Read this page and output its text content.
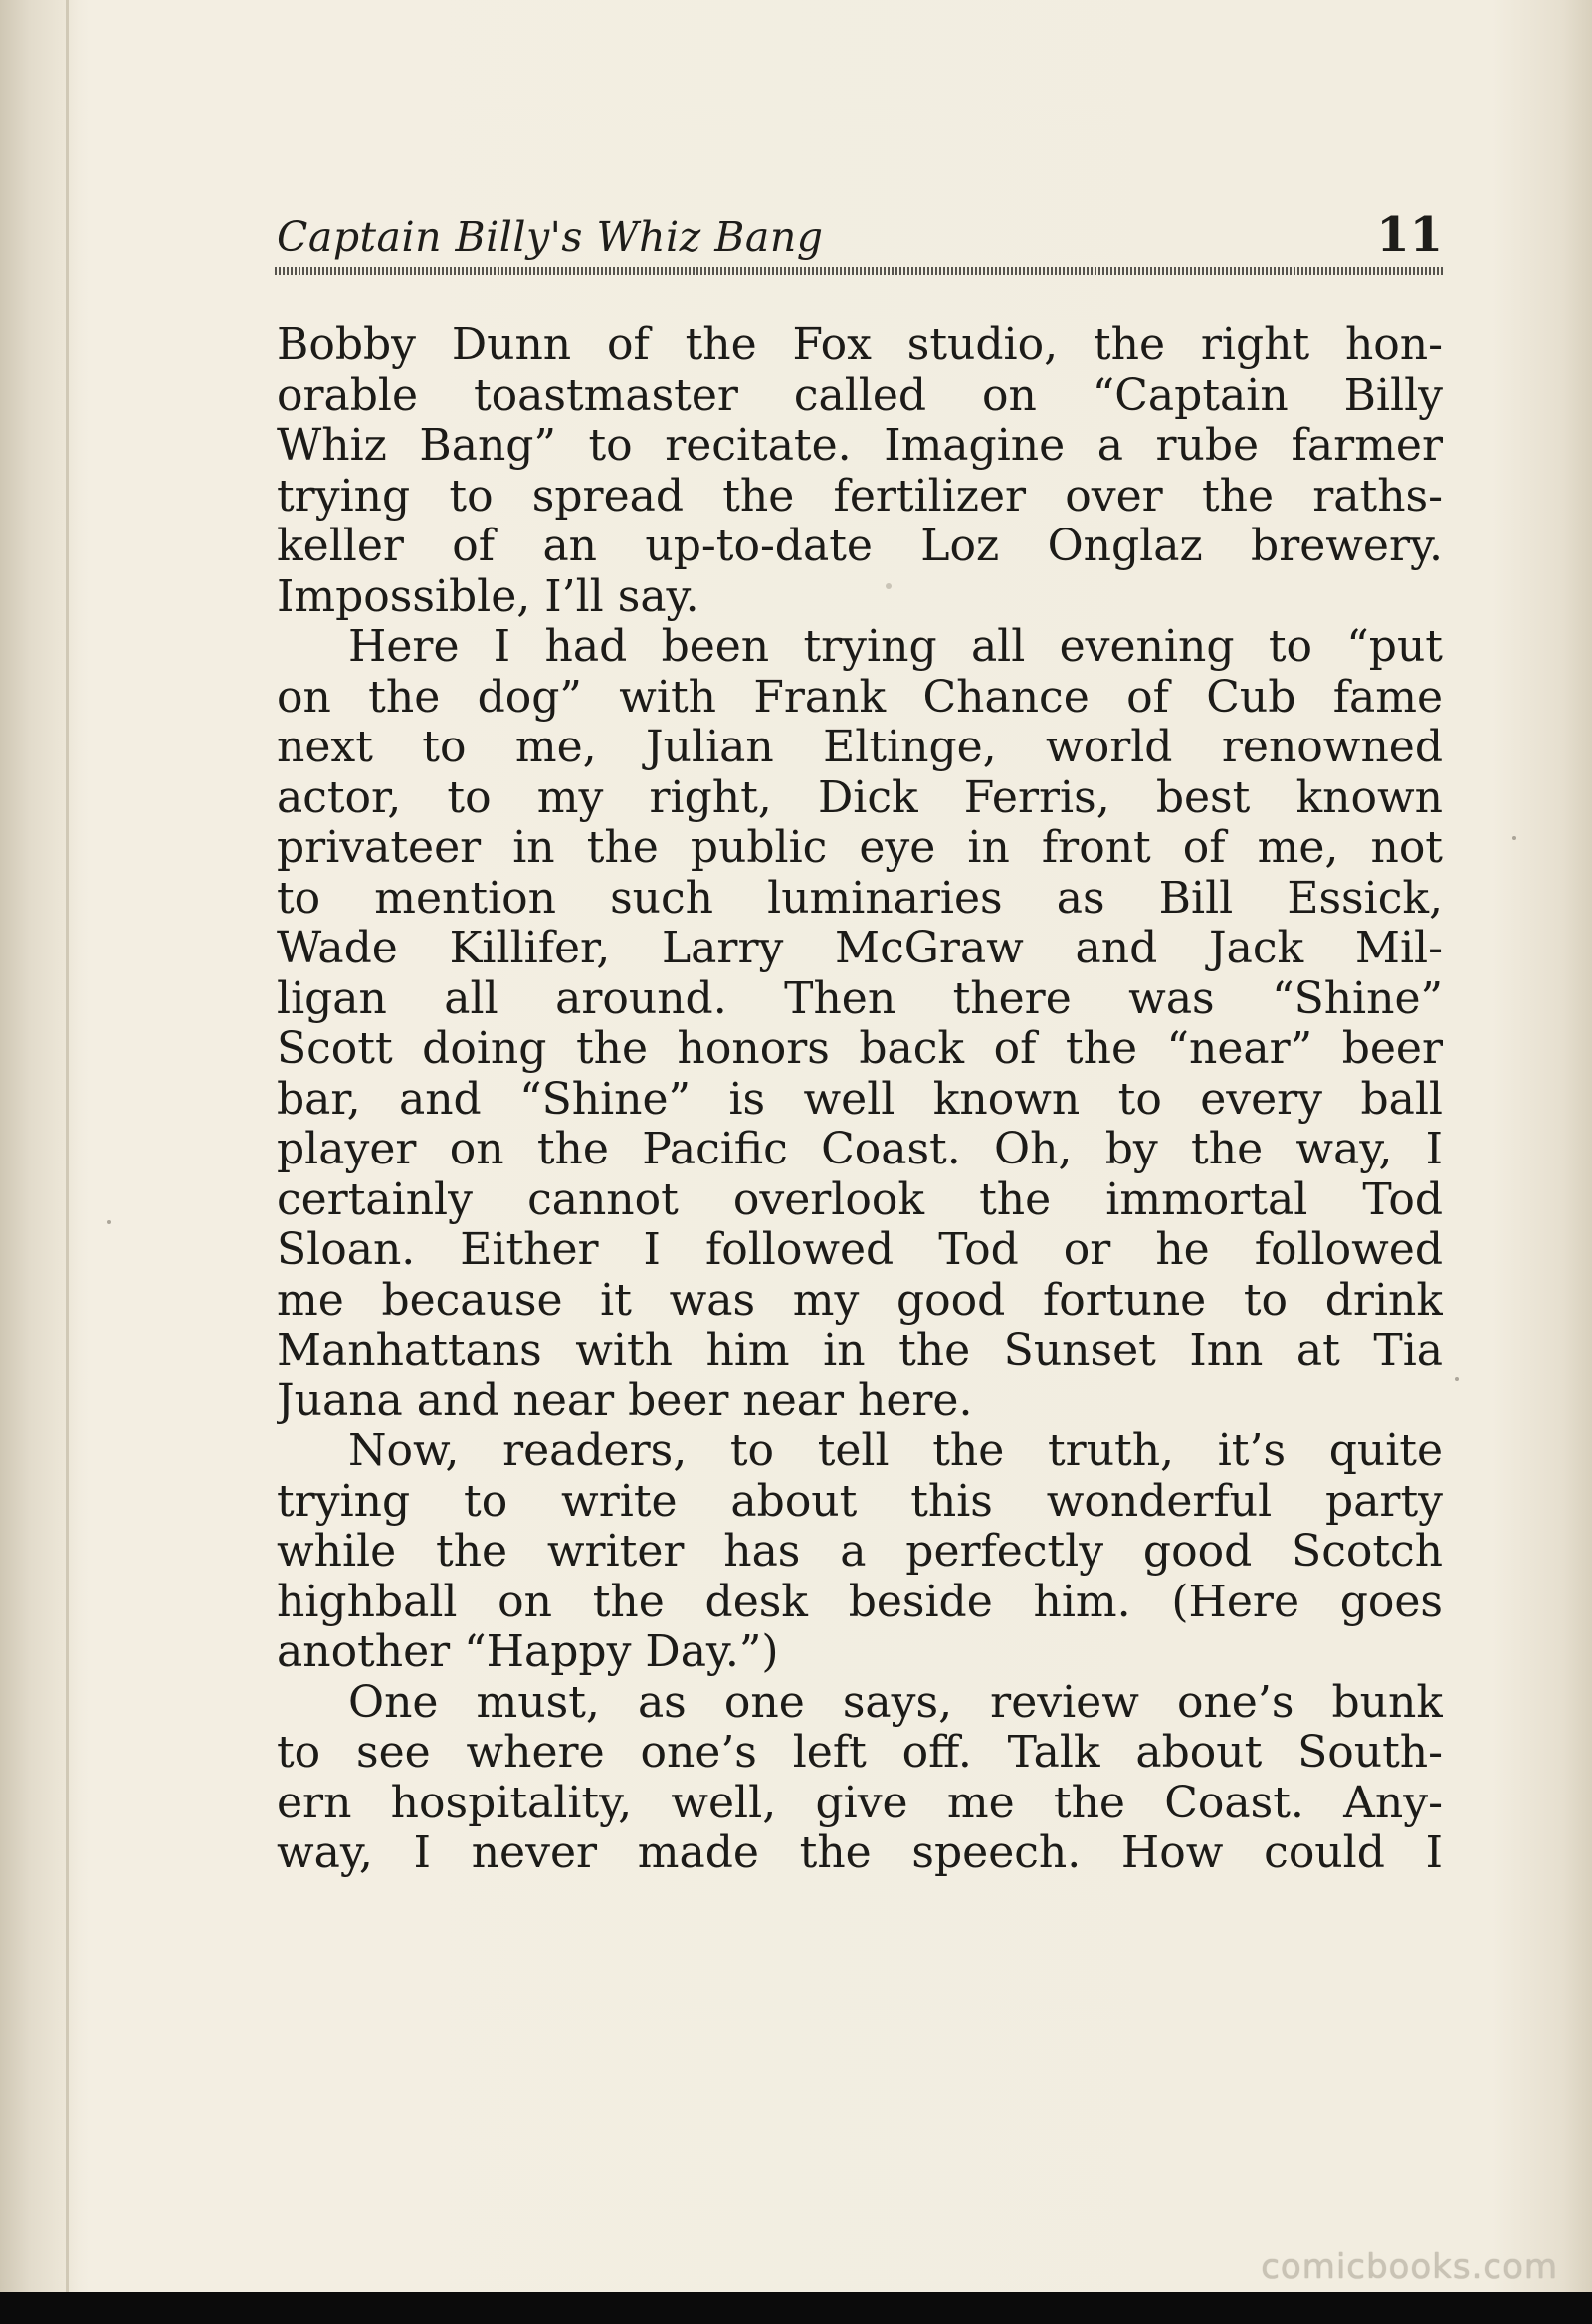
Captain Billy's Whiz Bang	11
Bobby Dunn of the Fox studio, the right hon-
orable toastmaster called on “Captain Billy
Whiz Bang” to recitate. Imagine a rube farmer
trying to spread the fertilizer over the raths-
keller of an up-to-date Loz Onglaz brewery.
Impossible, I’ll say.
Here I had been trying all evening to “put
on the dog” with Frank Chance of Cub fame
next to me, Julian Eltinge, world renowned
actor, to my right, Dick Ferris, best known
privateer in the public eye in front of me, not
to mention such luminaries as Bill Essick,
Wade Killifer, Larry McGraw and Jack Mil-
ligan all around. Then there was “Shine”
Scott doing the honors back of the “near” beer
bar, and “Shine” is well known to every ball
player on the Pacific Coast. Oh, by the way, I
certainly cannot overlook the immortal Tod
Sloan. Either I followed Tod or he followed
me because it was my good fortune to drink
Manhattans with him in the Sunset Inn at Tia
Juana and near beer near here.
Now, readers, to tell the truth, it’s quite
trying to write about this wonderful party
while the writer has a perfectly good Scotch
highball on the desk beside him. (Here goes
another “Happy Day.”)
One must, as one says, review one’s bunk
to see where one’s left off. Talk about South-
ern hospitality, well, give me the Coast. Any-
way, I never made the speech. How could I
comicbooks.com
